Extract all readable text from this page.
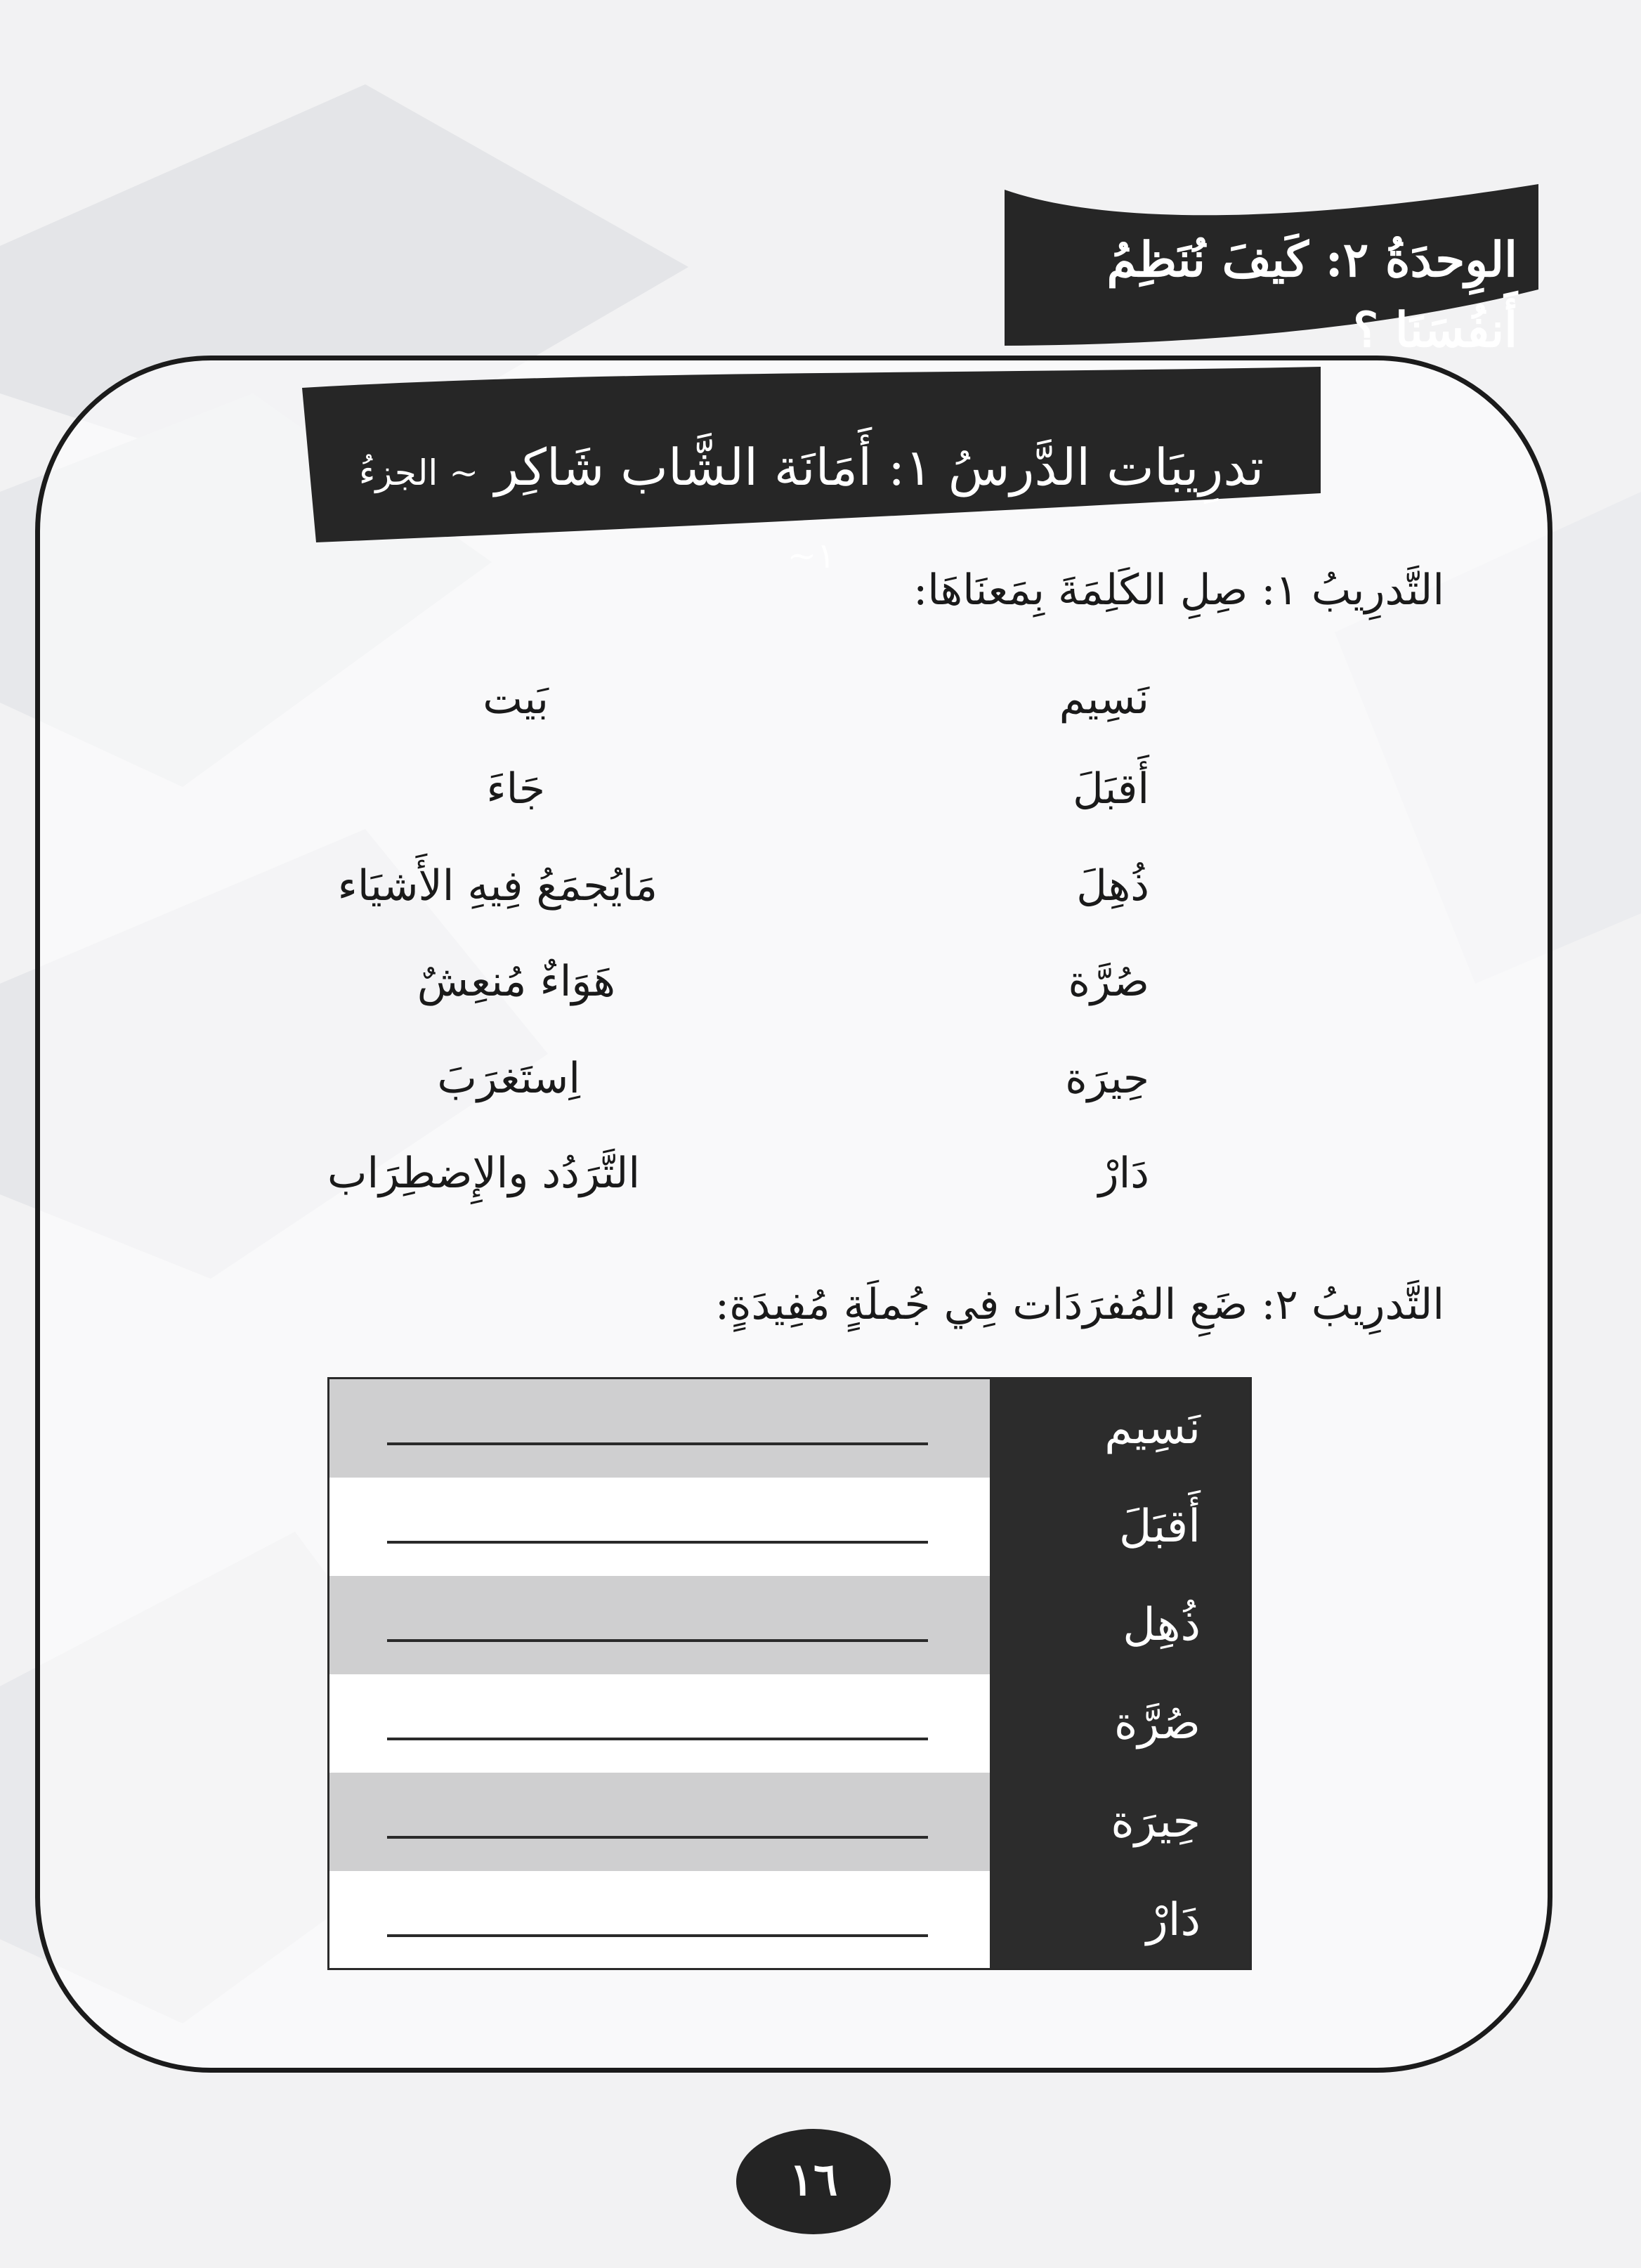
الوِحدَةُ ٢: كَيفَ نُنَظِمُ أَنفُسَنَا ؟
تدرِيبَات الدَّرسُ ١: أَمَانَة الشَّاب شَاكِر ~ الجزءُ ١~
التَّدرِيبُ ١: صِلِ الكَلِمَةَ بِمَعنَاهَا:
نَسِيم
أَقبَلَ
ذُهِلَ
صُرَّة
حِيرَة
دَارْ
بَيت
جَاءَ
مَايُجمَعُ فِيهِ الأَشيَاء
هَوَاءٌ مُنعِشٌ
اِستَغرَبَ
التَّرَدُد والإِضطِرَاب
التَّدرِيبُ ٢: ضَعِ المُفرَدَات فِي جُملَةٍ مُفِيدَةٍ:
نَسِيم
أَقبَلَ
ذُهِل
صُرَّة
حِيرَة
دَارْ
١٦
